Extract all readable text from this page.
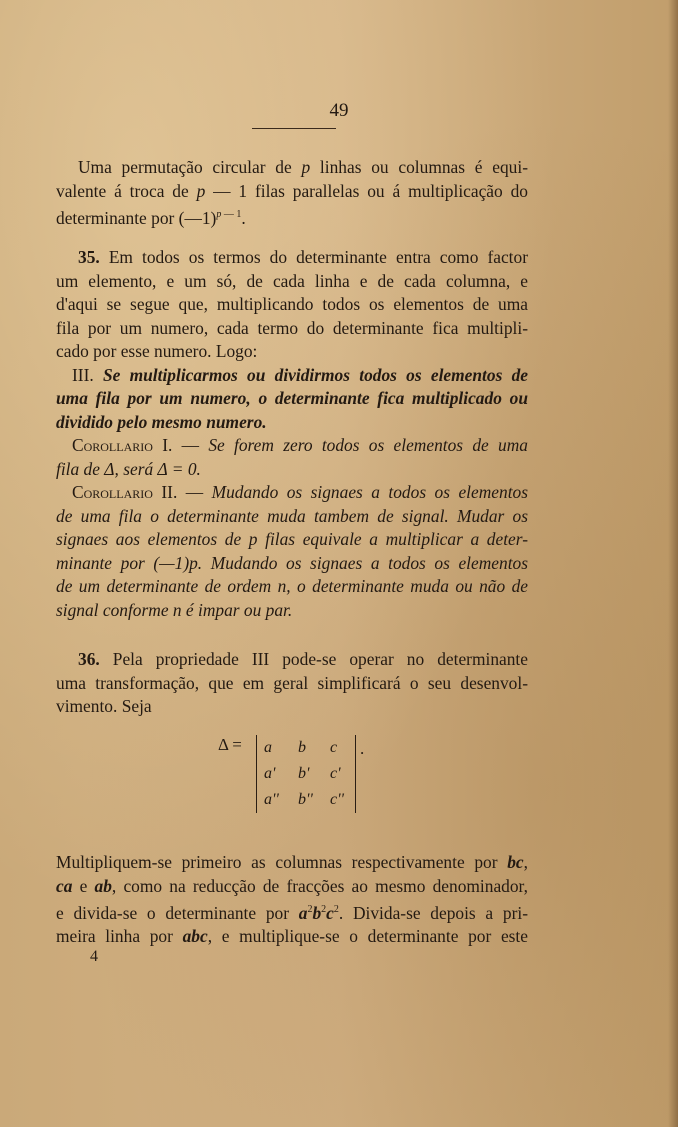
49
Uma permutação circular de p linhas ou columnas é equi-
valente á troca de p — 1 filas parallelas ou á multiplicação do
determinante por (—1)$^{p — 1}$.
35. Em todos os termos do determinante entra como factor
um elemento, e um só, de cada linha e de cada columna, e
d'aqui se segue que, multiplicando todos os elementos de uma
fila por um numero, cada termo do determinante fica multipli-
cado por esse numero. Logo:
III. Se multiplicarmos ou dividirmos todos os elementos de
uma fila por um numero, o determinante fica multiplicado ou
dividido pelo mesmo numero.
Corollario I. — Se forem zero todos os elementos de uma
fila de Δ, será Δ = 0.
Corollario II. — Mudando os signaes a todos os elementos
de uma fila o determinante muda tambem de signal. Mudar os
signaes aos elementos de p filas equivale a multiplicar a deter-
minante por (—1)p. Mudando os signaes a todos os elementos
de um determinante de ordem n, o determinante muda ou não de
signal conforme n é impar ou par.
36. Pela propriedade III pode-se operar no determinante
uma transformação, que em geral simplificará o seu desenvol-
vimento. Seja
Δ = a b c
a' b' c'
a'' b'' c''
.
Multipliquem-se primeiro as columnas respectivamente por bc,
ca e ab, como na reducção de fracções ao mesmo denominador,
e divida-se o determinante por $a^2b^2c^2$. Divida-se depois a pri-
meira linha por abc, e multiplique-se o determinante por este
4
